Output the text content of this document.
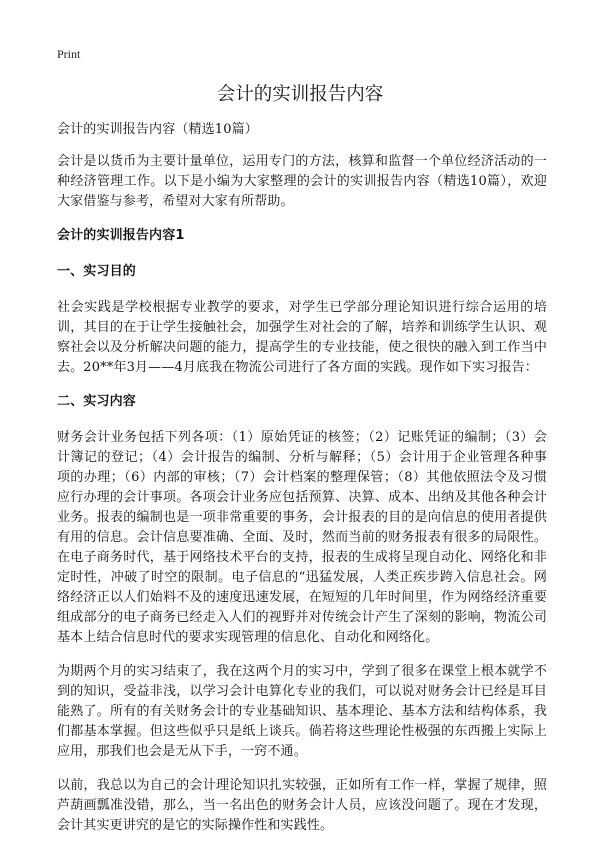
Print
会计的实训报告内容

会计的实训报告内容（精选10篇）

会计是以货币为主要计量单位，运用专门的方法，核算和监督一个单位经济活动的一种经济管理工作。以下是小编为大家整理的会计的实训报告内容（精选10篇），欢迎大家借鉴与参考，希望对大家有所帮助。

会计的实训报告内容1

一、实习目的

社会实践是学校根据专业教学的要求，对学生已学部分理论知识进行综合运用的培训，其目的在于让学生接触社会，加强学生对社会的了解，培养和训练学生认识、观察社会以及分析解决问题的能力，提高学生的专业技能，使之很快的融入到工作当中去。20**年3月——4月底我在物流公司进行了各方面的实践。现作如下实习报告：

二、实习内容

财务会计业务包括下列各项：（1）原始凭证的核签；（2）记账凭证的编制；（3）会计簿记的登记；（4）会计报告的编制、分析与解释；（5）会计用于企业管理各种事项的办理；（6）内部的审核；（7）会计档案的整理保管；（8）其他依照法令及习惯应行办理的会计事项。各项会计业务应包括预算、决算、成本、出纳及其他各种会计业务。报表的编制也是一项非常重要的事务，会计报表的目的是向信息的使用者提供有用的信息。会计信息要准确、全面、及时，然而当前的财务报表有很多的局限性。在电子商务时代，基于网络技术平台的支持，报表的生成将呈现自动化、网络化和非定时性，冲破了时空的限制。电子信息的“迅猛发展，人类正疾步跨入信息社会。网络经济正以人们始料不及的速度迅速发展，在短短的几年时间里，作为网络经济重要组成部分的电子商务已经走入人们的视野并对传统会计产生了深刻的影响，物流公司基本上结合信息时代的要求实现管理的信息化、自动化和网络化。

为期两个月的实习结束了，我在这两个月的实习中，学到了很多在课堂上根本就学不到的知识，受益非浅，以学习会计电算化专业的我们，可以说对财务会计已经是耳目能熟了。所有的有关财务会计的专业基础知识、基本理论、基本方法和结构体系，我们都基本掌握。但这些似乎只是纸上谈兵。倘若将这些理论性极强的东西搬上实际上应用，那我们也会是无从下手，一窍不通。

以前，我总以为自己的会计理论知识扎实较强，正如所有工作一样，掌握了规律，照芦葫画瓢准没错，那么，当一名出色的财务会计人员，应该没问题了。现在才发现，会计其实更讲究的是它的实际操作性和实践性。
